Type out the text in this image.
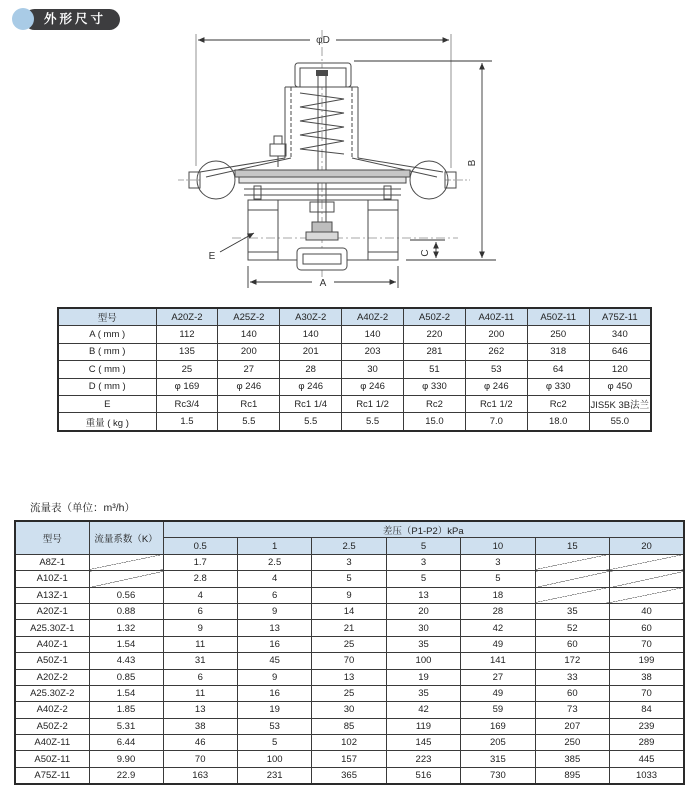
外形尺寸
φD
B
C
A
E
型号	A20Z-2	A25Z-2	A30Z-2	A40Z-2	A50Z-2	A40Z-11	A50Z-11	A75Z-11
A ( mm )	112	140	140	140	220	200	250	340
B ( mm )	135	200	201	203	281	262	318	646
C ( mm )	25	27	28	30	51	53	64	120
D ( mm )	φ 169	φ 246	φ 246	φ 246	φ 330	φ 246	φ 330	φ 450
E	Rc3/4	Rc1	Rc1 1/4	Rc1 1/2	Rc2	Rc1 1/2	Rc2	JIS5K 3B法兰
重量 ( kg )	1.5	5.5	5.5	5.5	15.0	7.0	18.0	55.0
流量表（单位：m³/h）
型号	流量系数（K）	差压（P1-P2）kPa						
		0.5	1	2.5	5	10	15	20
A8Z-1		1.7	2.5	3	3	3		
A10Z-1		2.8	4	5	5	5		
A13Z-1	0.56	4	6	9	13	18		
A20Z-1	0.88	6	9	14	20	28	35	40
A25.30Z-1	1.32	9	13	21	30	42	52	60
A40Z-1	1.54	11	16	25	35	49	60	70
A50Z-1	4.43	31	45	70	100	141	172	199
A20Z-2	0.85	6	9	13	19	27	33	38
A25.30Z-2	1.54	11	16	25	35	49	60	70
A40Z-2	1.85	13	19	30	42	59	73	84
A50Z-2	5.31	38	53	85	119	169	207	239
A40Z-11	6.44	46	5	102	145	205	250	289
A50Z-11	9.90	70	100	157	223	315	385	445
A75Z-11	22.9	163	231	365	516	730	895	1033
